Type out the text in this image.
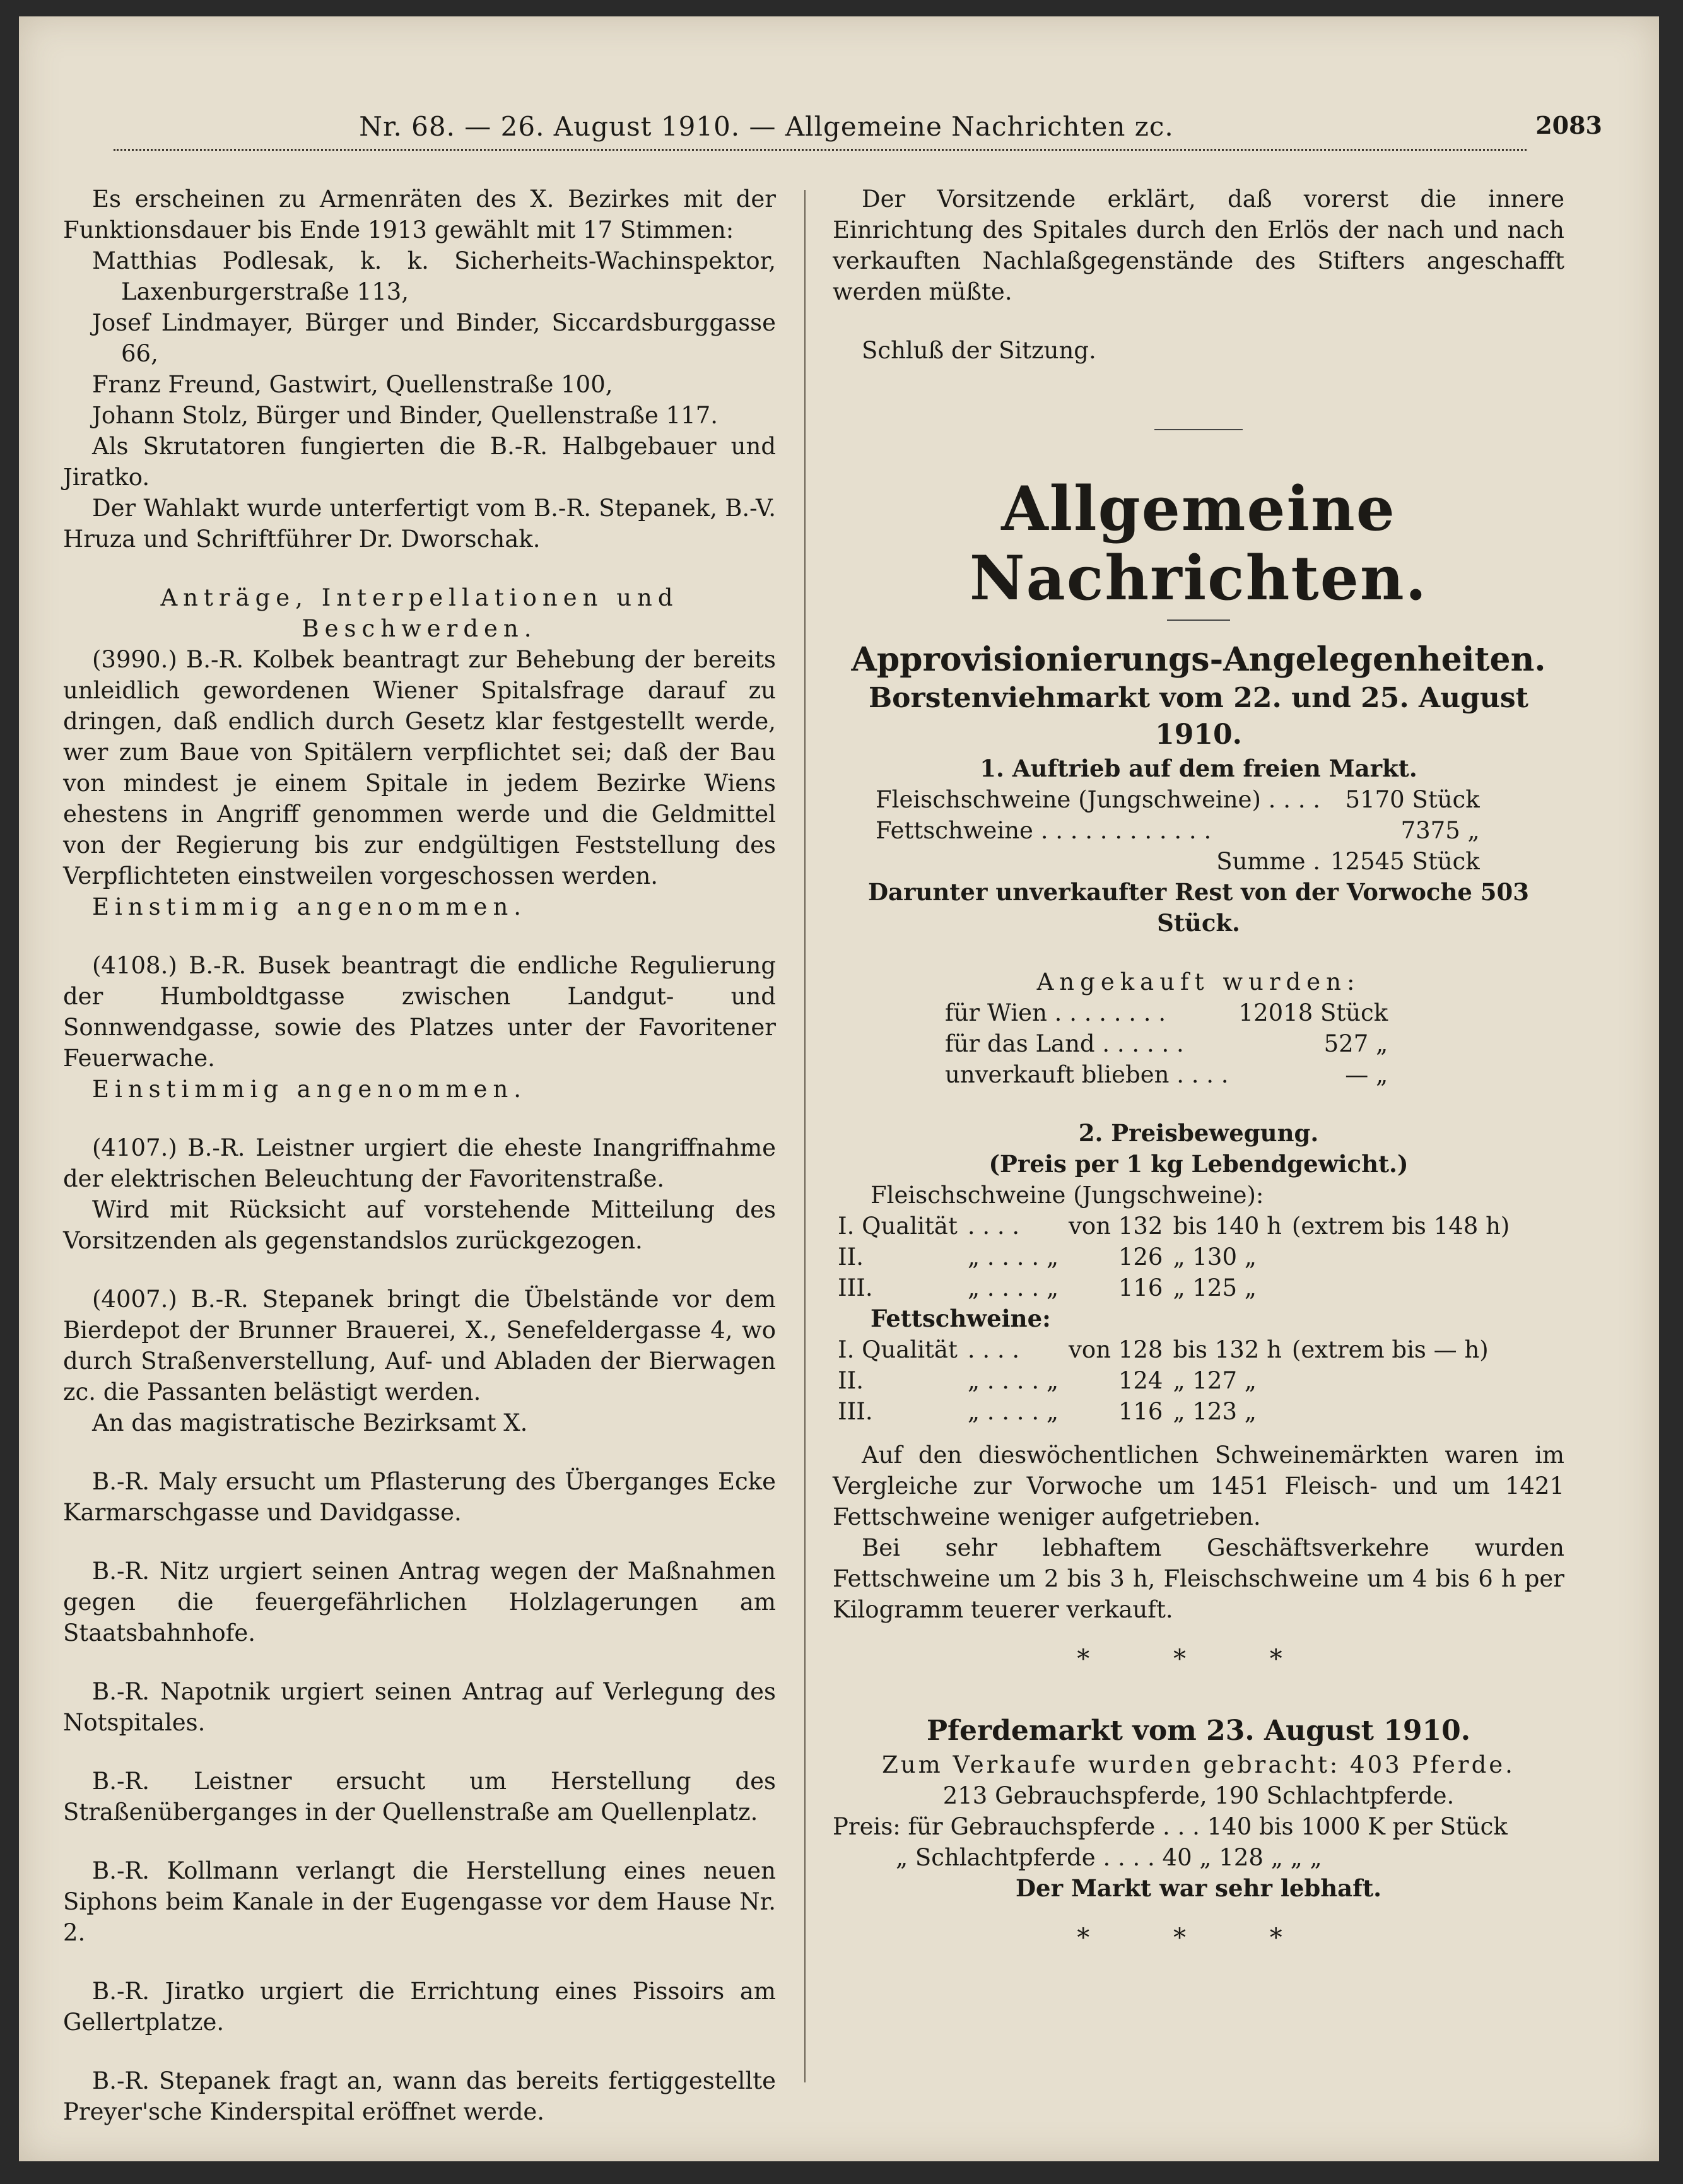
Nr. 68. — 26. August 1910. — Allgemeine Nachrichten zc.	2083

Es erscheinen zu Armenräten des X. Bezirkes mit der Funktionsdauer bis Ende 1913 gewählt mit 17 Stimmen:

Matthias Podlesak, k. k. Sicherheits-Wachinspektor, Laxenburgerstraße 113,

Josef Lindmayer, Bürger und Binder, Siccardsburggasse 66,

Franz Freund, Gastwirt, Quellenstraße 100,

Johann Stolz, Bürger und Binder, Quellenstraße 117.

Als Skrutatoren fungierten die B.-R. Halbgebauer und Jiratko.

Der Wahlakt wurde unterfertigt vom B.-R. Stepanek, B.-V. Hruza und Schriftführer Dr. Dworschak.

Anträge, Interpellationen und Beschwerden.

(3990.) B.-R. Kolbek beantragt zur Behebung der bereits unleidlich gewordenen Wiener Spitalsfrage darauf zu dringen, daß endlich durch Gesetz klar festgestellt werde, wer zum Baue von Spitälern verpflichtet sei; daß der Bau von mindest je einem Spitale in jedem Bezirke Wiens ehestens in Angriff genommen werde und die Geldmittel von der Regierung bis zur endgültigen Feststellung des Verpflichteten einstweilen vorgeschossen werden.

Einstimmig angenommen.

(4108.) B.-R. Busek beantragt die endliche Regulierung der Humboldtgasse zwischen Landgut- und Sonnwendgasse, sowie des Platzes unter der Favoritener Feuerwache.

Einstimmig angenommen.

(4107.) B.-R. Leistner urgiert die eheste Inangriffnahme der elektrischen Beleuchtung der Favoritenstraße.

Wird mit Rücksicht auf vorstehende Mitteilung des Vorsitzenden als gegenstandslos zurückgezogen.

(4007.) B.-R. Stepanek bringt die Übelstände vor dem Bierdepot der Brunner Brauerei, X., Senefeldergasse 4, wo durch Straßenverstellung, Auf- und Abladen der Bierwagen zc. die Passanten belästigt werden.

An das magistratische Bezirksamt X.

B.-R. Maly ersucht um Pflasterung des Überganges Ecke Karmarschgasse und Davidgasse.

B.-R. Nitz urgiert seinen Antrag wegen der Maßnahmen gegen die feuergefährlichen Holzlagerungen am Staatsbahnhofe.

B.-R. Napotnik urgiert seinen Antrag auf Verlegung des Notspitales.

B.-R. Leistner ersucht um Herstellung des Straßenüberganges in der Quellenstraße am Quellenplatz.

B.-R. Kollmann verlangt die Herstellung eines neuen Siphons beim Kanale in der Eugengasse vor dem Hause Nr. 2.

B.-R. Jiratko urgiert die Errichtung eines Pissoirs am Gellertplatze.

B.-R. Stepanek fragt an, wann das bereits fertiggestellte Preyer'sche Kinderspital eröffnet werde.

Der Vorsitzende erklärt, daß vorerst die innere Einrichtung des Spitales durch den Erlös der nach und nach verkauften Nachlaßgegenstände des Stifters angeschafft werden müßte.

Schluß der Sitzung.

Allgemeine Nachrichten.
Approvisionierungs-Angelegenheiten.
Borstenviehmarkt vom 22. und 25. August 1910.

1. Auftrieb auf dem freien Markt.

Fleischschweine (Jungschweine) . . . .	5170 Stück
Fettschweine . . . . . . . . . . . .	7375 „
Summe .	12545 Stück

Darunter unverkaufter Rest von der Vorwoche 503 Stück.

Angekauft wurden:

für Wien . . . . . . . .	12018 Stück
für das Land . . . . . .	527 „
unverkauft blieben . . . .	— „

2. Preisbewegung.

(Preis per 1 kg Lebendgewicht.)

Fleischschweine (Jungschweine):

I. Qualität	. . . .	von 132	bis 140 h	(extrem bis 148 h)
II.	„ . . . . „	126	„ 130 „	
III.	„ . . . . „	116	„ 125 „	

Fettschweine:

I. Qualität	. . . .	von 128	bis 132 h	(extrem bis — h)
II.	„ . . . . „	124	„ 127 „	
III.	„ . . . . „	116	„ 123 „	

Auf den dieswöchentlichen Schweinemärkten waren im Vergleiche zur Vorwoche um 1451 Fleisch- und um 1421 Fettschweine weniger aufgetrieben.

Bei sehr lebhaftem Geschäftsverkehre wurden Fettschweine um 2 bis 3 h, Fleischschweine um 4 bis 6 h per Kilogramm teuerer verkauft.

* * *
Pferdemarkt vom 23. August 1910.

Zum Verkaufe wurden gebracht: 403 Pferde.

213 Gebrauchspferde, 190 Schlachtpferde.

Preis: für Gebrauchspferde . . . 140 bis 1000 K per Stück

„ Schlachtpferde . . . . 40 „ 128 „ „ „

Der Markt war sehr lebhaft.

* * *
